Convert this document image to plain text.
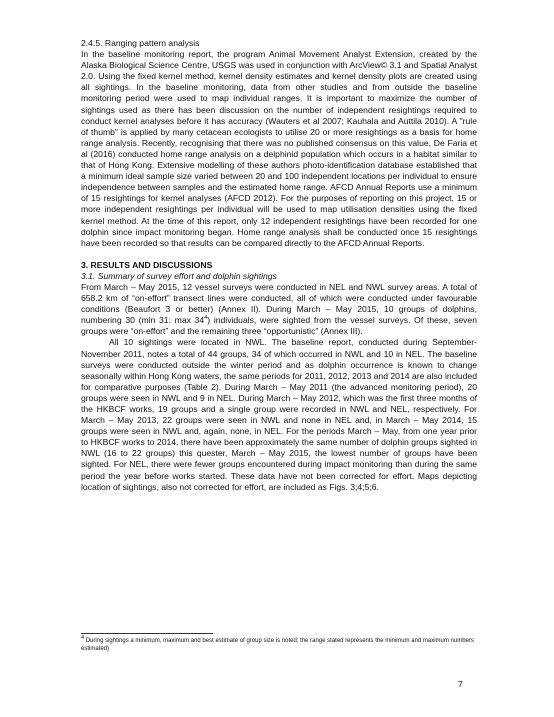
2.4.5. Ranging pattern analysis

In the baseline monitoring report, the program Animal Movement Analyst Extension, created by the Alaska Biological Science Centre, USGS was used in conjunction with ArcView© 3.1 and Spatial Analyst 2.0. Using the fixed kernel method, kernel density estimates and kernel density plots are created using all sightings. In the baseline monitoring, data from other studies and from outside the baseline monitoring period were used to map individual ranges. It is important to maximize the number of sightings used as there has been discussion on the number of independent resightings required to conduct kernel analyses before it has accuracy (Wauters et al 2007; Kauhala and Auttila 2010). A "rule of thumb" is applied by many cetacean ecologists to utilise 20 or more resightings as a basis for home range analysis. Recently, recognising that there was no published consensus on this value, De Faria et al (2016) conducted home range analysis on a delphinid population which occurs in a habitat similar to that of Hong Kong. Extensive modelling of these authors photo-identification database established that a minimum ideal sample size varied between 20 and 100 independent locations per individual to ensure independence between samples and the estimated home range. AFCD Annual Reports use a minimum of 15 resightings for kernel analyses (AFCD 2012). For the purposes of reporting on this project, 15 or more independent resightings per individual will be used to map utilisation densities using the fixed kernel method. At the time of this report, only 12 independent resightings have been recorded for one dolphin since impact monitoring began. Home range analysis shall be conducted once 15 resightings have been recorded so that results can be compared directly to the AFCD Annual Reports.

3. RESULTS AND DISCUSSIONS

3.1. Summary of survey effort and dolphin sightings

From March – May 2015, 12 vessel surveys were conducted in NEL and NWL survey areas. A total of 658.2 km of “on-effort” transect lines were conducted, all of which were conducted under favourable conditions (Beaufort 3 or better) (Annex II). During March – May 2015, 10 groups of dolphins, numbering 30 (min 31: $\max 34^4$) individuals, were sighted from the vessel surveys. Of these, seven groups were “on-effort” and the remaining three “opportunistic” (Annex III).

All 10 sightings were located in NWL. The baseline report, conducted during September-November 2011, notes a total of 44 groups, 34 of which occurred in NWL and 10 in NEL. The baseline surveys were conducted outside the winter period and as dolphin occurrence is known to change seasonally within Hong Kong waters, the same periods for 2011, 2012, 2013 and 2014 are also included for comparative purposes (Table 2). During March – May 2011 (the advanced monitoring period), 20 groups were seen in NWL and 9 in NEL. During March – May 2012, which was the first three months of the HKBCF works, 19 groups and a single group were recorded in NWL and NEL, respectively. For March – May 2013, 22 groups were seen in NWL and none in NEL and, in March – May 2014, 15 groups were seen in NWL and, again, none, in NEL. For the periods March – May, from one year prior to HKBCF works to 2014, there have been approximately the same number of dolphin groups sighted in NWL (16 to 22 groups) this quester, March – May 2015, the lowest number of groups have been sighted. For NEL, there were fewer groups encountered during impact monitoring than during the same period the year before works started. These data have not been corrected for effort. Maps depicting location of sightings, also not corrected for effort, are included as Figs. 3;4;5;6.

4 During sightings a minimum, maximum and best estimate of group size is noted; the range stated represents the minimum and maximum numbers estimated)
7
